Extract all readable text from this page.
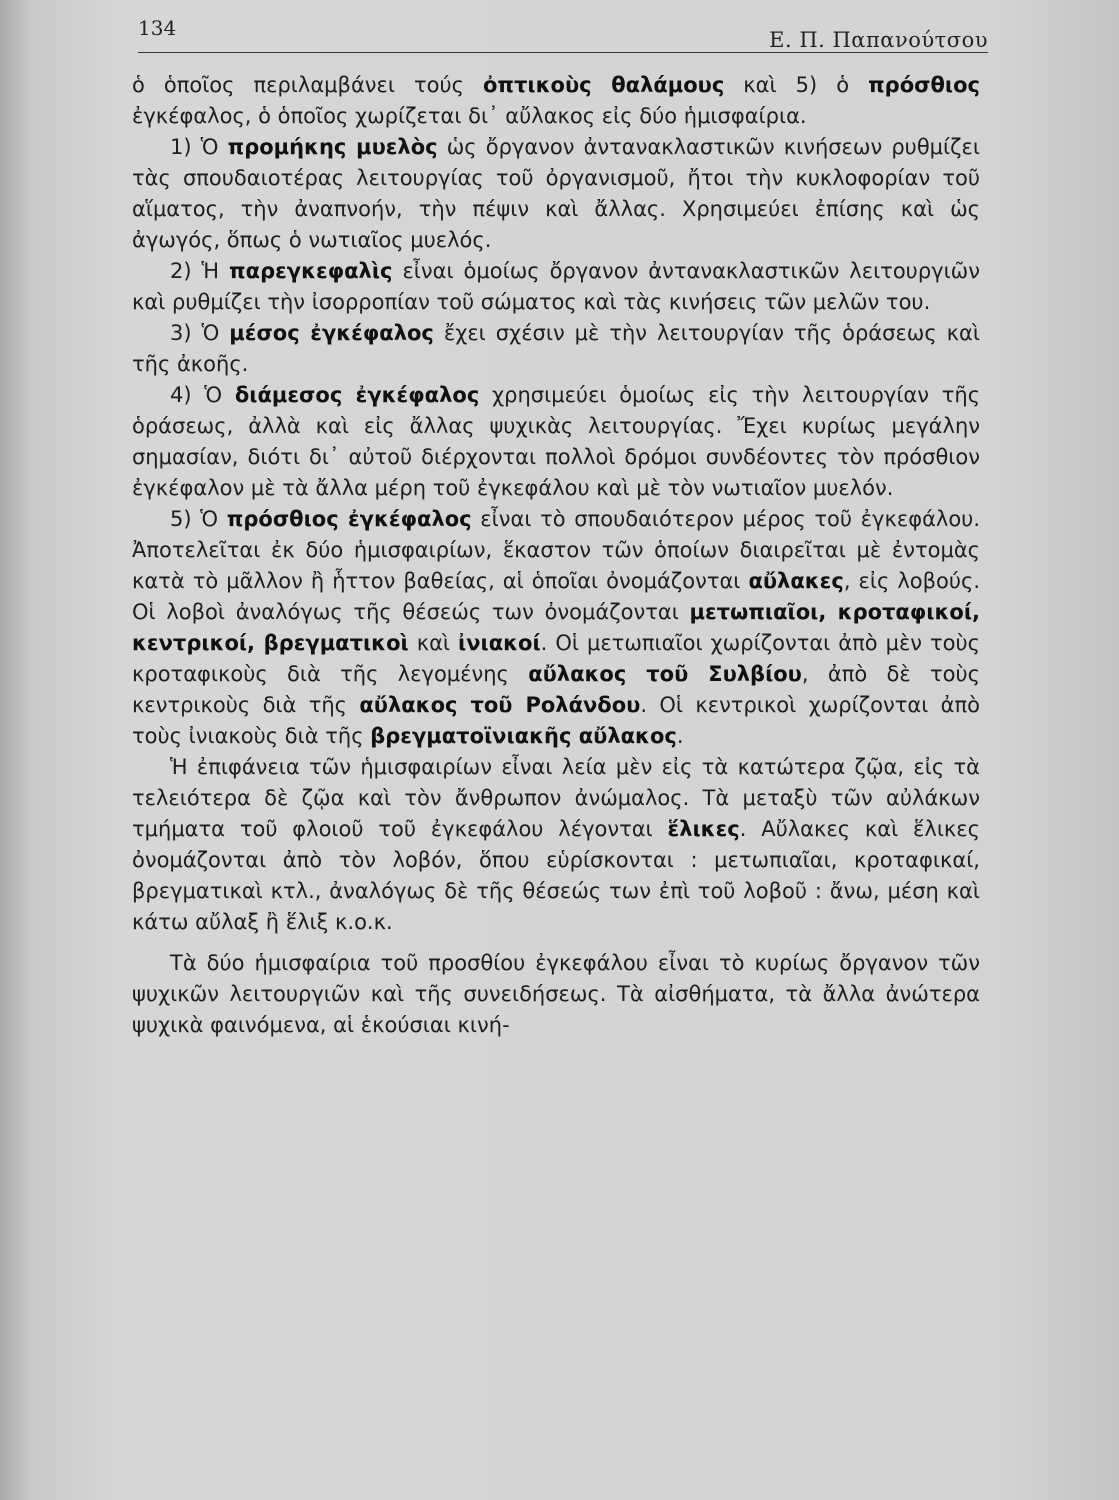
134	Ε. Π. Παπανούτσου

ὁ ὁποῖος περιλαμβάνει τούς ὀπτικοὺς θαλάμους καὶ 5) ὁ πρόσθιος ἐγκέφαλος, ὁ ὁποῖος χωρίζεται δι᾽ αὔλακος εἰς δύο ἡμισφαίρια.

1) Ὁ προμήκης μυελὸς ὡς ὄργανον ἀντανακλαστικῶν κινήσεων ρυθμίζει τὰς σπουδαιοτέρας λειτουργίας τοῦ ὀργανισμοῦ, ἤτοι τὴν κυκλοφορίαν τοῦ αἵματος, τὴν ἀναπνοήν, τὴν πέψιν καὶ ἄλλας. Χρησιμεύει ἐπίσης καὶ ὡς ἀγωγός, ὅπως ὁ νωτιαῖος μυελός.

2) Ἡ παρεγκεφαλὶς εἶναι ὁμοίως ὄργανον ἀντανακλαστικῶν λειτουργιῶν καὶ ρυθμίζει τὴν ἰσορροπίαν τοῦ σώματος καὶ τὰς κινήσεις τῶν μελῶν του.

3) Ὁ μέσος ἐγκέφαλος ἔχει σχέσιν μὲ τὴν λειτουργίαν τῆς ὁράσεως καὶ τῆς ἀκοῆς.

4) Ὁ διάμεσος ἐγκέφαλος χρησιμεύει ὁμοίως εἰς τὴν λειτουργίαν τῆς ὁράσεως, ἀλλὰ καὶ εἰς ἄλλας ψυχικὰς λειτουργίας. Ἔχει κυρίως μεγάλην σημασίαν, διότι δι᾽ αὐτοῦ διέρχονται πολλοὶ δρόμοι συνδέοντες τὸν πρόσθιον ἐγκέφαλον μὲ τὰ ἄλλα μέρη τοῦ ἐγκεφάλου καὶ μὲ τὸν νωτιαῖον μυελόν.

5) Ὁ πρόσθιος ἐγκέφαλος εἶναι τὸ σπουδαιότερον μέρος τοῦ ἐγκεφάλου. Ἀποτελεῖται ἐκ δύο ἡμισφαιρίων, ἕκαστον τῶν ὁποίων διαιρεῖται μὲ ἐντομὰς κατὰ τὸ μᾶλλον ἢ ἧττον βαθείας, αἱ ὁποῖαι ὀνομάζονται αὔλακες, εἰς λοβούς. Οἱ λοβοὶ ἀναλόγως τῆς θέσεώς των ὀνομάζονται μετωπιαῖοι, κροταφικοί, κεντρικοί, βρεγματικοὶ καὶ ἰνιακοί. Οἱ μετωπιαῖοι χωρίζονται ἀπὸ μὲν τοὺς κροταφικοὺς διὰ τῆς λεγομένης αὔλακος τοῦ Συλβίου, ἀπὸ δὲ τοὺς κεντρικοὺς διὰ τῆς αὔλακος τοῦ Ρολάνδου. Οἱ κεντρικοὶ χωρίζονται ἀπὸ τοὺς ἰνιακοὺς διὰ τῆς βρεγματοϊνιακῆς αὔλακος.

Ἡ ἐπιφάνεια τῶν ἡμισφαιρίων εἶναι λεία μὲν εἰς τὰ κατώτερα ζῷα, εἰς τὰ τελειότερα δὲ ζῷα καὶ τὸν ἄνθρωπον ἀνώμαλος. Τὰ μεταξὺ τῶν αὐλάκων τμήματα τοῦ φλοιοῦ τοῦ ἐγκεφάλου λέγονται ἕλικες. Αὔλακες καὶ ἕλικες ὀνομάζονται ἀπὸ τὸν λοβόν, ὅπου εὑρίσκονται : μετωπιαῖαι, κροταφικαί, βρεγματικαὶ κτλ., ἀναλόγως δὲ τῆς θέσεώς των ἐπὶ τοῦ λοβοῦ : ἄνω, μέση καὶ κάτω αὔλαξ ἢ ἕλιξ κ.ο.κ.

Τὰ δύο ἡμισφαίρια τοῦ προσθίου ἐγκεφάλου εἶναι τὸ κυρίως ὄργανον τῶν ψυχικῶν λειτουργιῶν καὶ τῆς συνειδήσεως. Τὰ αἰσθήματα, τὰ ἄλλα ἀνώτερα ψυχικὰ φαινόμενα, αἱ ἑκούσιαι κινή-
